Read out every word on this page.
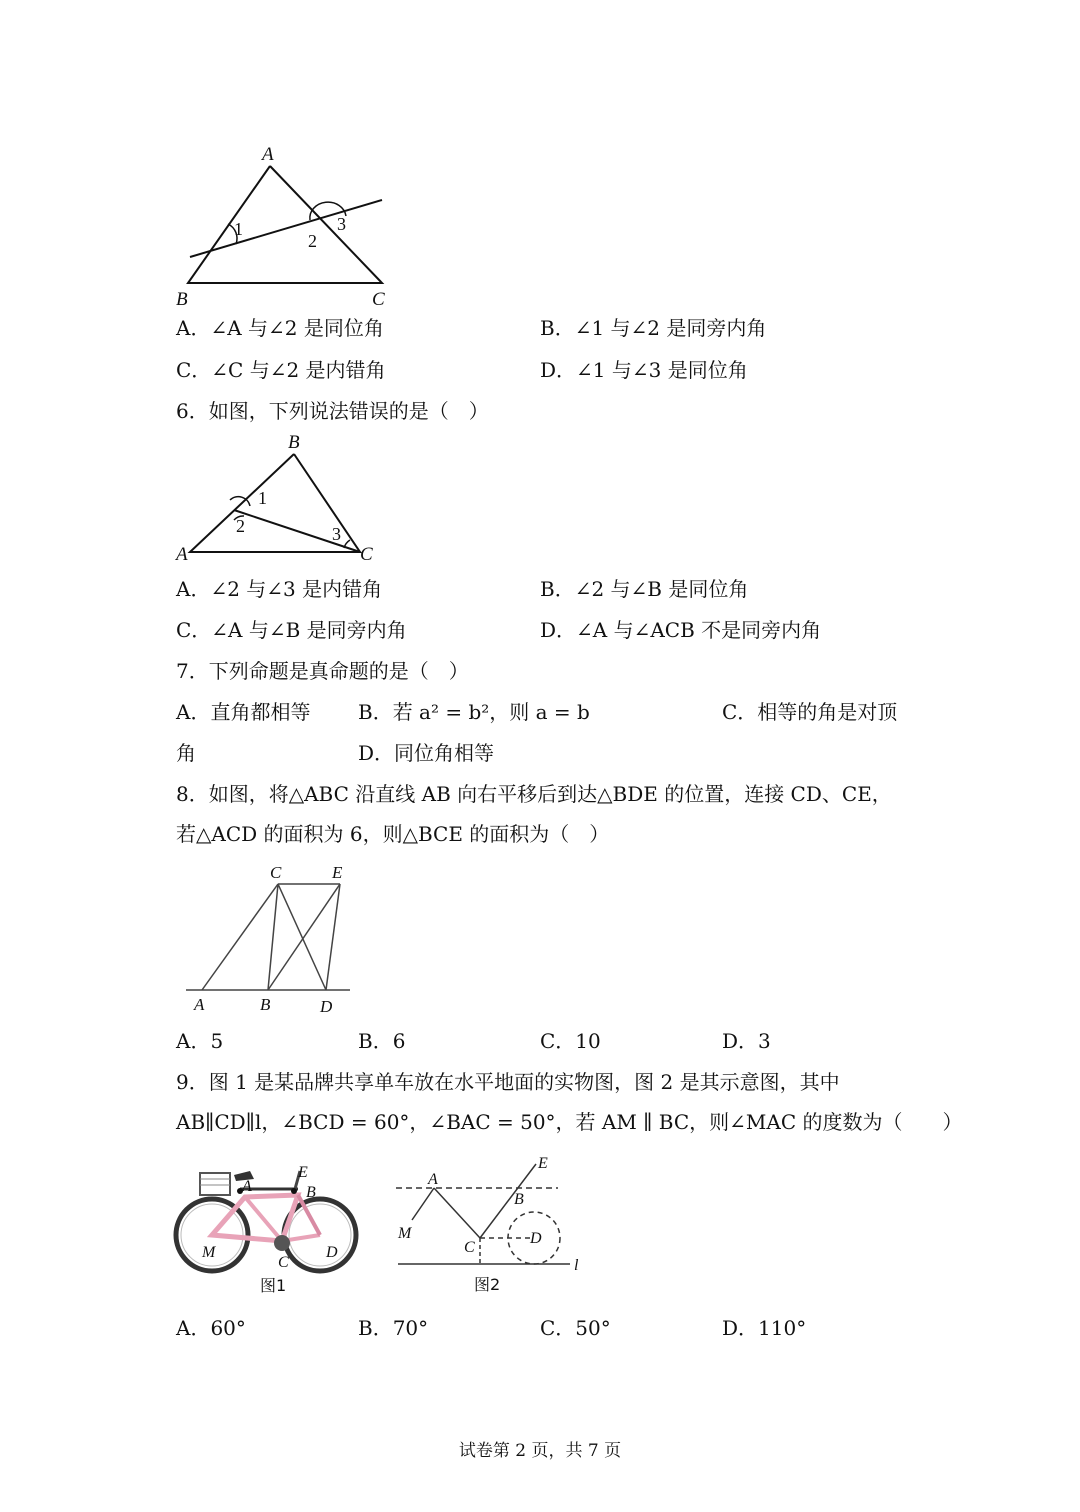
A
B	C
1
2
3
A．∠A 与∠2 是同位角	B．∠1 与∠2 是同旁内角
C．∠C 与∠2 是内错角	D．∠1 与∠3 是同位角
6．如图，下列说法错误的是（　）
B
A	C
1
2	3
A．∠2 与∠3 是内错角	B．∠2 与∠B 是同位角
C．∠A 与∠B 是同旁内角	D．∠A 与∠ACB 不是同旁内角
7．下列命题是真命题的是（　）
A．直角都相等 B．若 a² = b²，则 a = b	C．相等的角是对顶
角	D．同位角相等
8．如图，将△ABC 沿直线 AB 向右平移后到达△BDE 的位置，连接 CD、CE，
若△ACD 的面积为 6，则△BCE 的面积为（　）
C	E
A	B	D
A．5	B．6	C．10	D．3
9．图 1 是某品牌共享单车放在水平地面的实物图，图 2 是其示意图，其中
AB∥CD∥l，∠BCD = 60°，∠BAC = 50°，若 AM ∥ BC，则∠MAC 的度数为（　　）
A	B
E
M
C
D
图1
A
B
E
M
C
D
l
图2
A．60°	B．70°	C．50°	D．110°
试卷第 2 页，共 7 页
